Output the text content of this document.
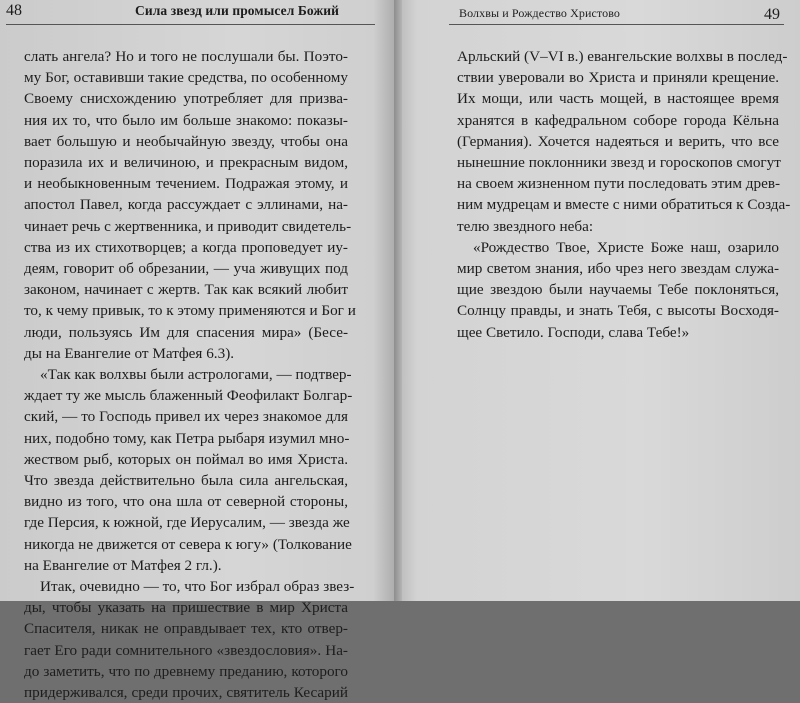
48	Сила звезд или промысел Божий
слать ангела? Но и того не послушали бы. Поэто-
му Бог, оставивши такие средства, по особенному
Своему снисхождению употребляет для призва-
ния их то, что было им больше знакомо: показы-
вает большую и необычайную звезду, чтобы она
поразила их и величиною, и прекрасным видом,
и необыкновенным течением. Подражая этому, и
апостол Павел, когда рассуждает с эллинами, на-
чинает речь с жертвенника, и приводит свидетель-
ства из их стихотворцев; а когда проповедует иу-
деям, говорит об обрезании, — уча живущих под
законом, начинает с жертв. Так как всякий любит
то, к чему привык, то к этому применяются и Бог и
люди, пользуясь Им для спасения мира» (Бесе-
ды на Евангелие от Матфея 6.3).
«Так как волхвы были астрологами, — подтвер-
ждает ту же мысль блаженный Феофилакт Болгар-
ский, — то Господь привел их через знакомое для
них, подобно тому, как Петра рыбаря изумил мно-
жеством рыб, которых он поймал во имя Христа.
Что звезда действительно была сила ангельская,
видно из того, что она шла от северной стороны,
где Персия, к южной, где Иерусалим, — звезда же
никогда не движется от севера к югу» (Толкование
на Евангелие от Матфея 2 гл.).
Итак, очевидно — то, что Бог избрал образ звез-
ды, чтобы указать на пришествие в мир Христа
Спасителя, никак не оправдывает тех, кто отвер-
гает Его ради сомнительного «звездословия». На-
до заметить, что по древнему преданию, которого
придерживался, среди прочих, святитель Кесарий
Волхвы и Рождество Христово	49
Арльский (V–VI в.) евангельские волхвы в послед-
ствии уверовали во Христа и приняли крещение.
Их мощи, или часть мощей, в настоящее время
хранятся в кафедральном соборе города Кёльна
(Германия). Хочется надеяться и верить, что все
нынешние поклонники звезд и гороскопов смогут
на своем жизненном пути последовать этим древ-
ним мудрецам и вместе с ними обратиться к Созда-
телю звездного неба:
«Рождество Твое, Христе Боже наш, озарило
мир светом знания, ибо чрез него звездам служа-
щие звездою были научаемы Тебе поклоняться,
Солнцу правды, и знать Тебя, с высоты Восходя-
щее Светило. Господи, слава Тебе!»
